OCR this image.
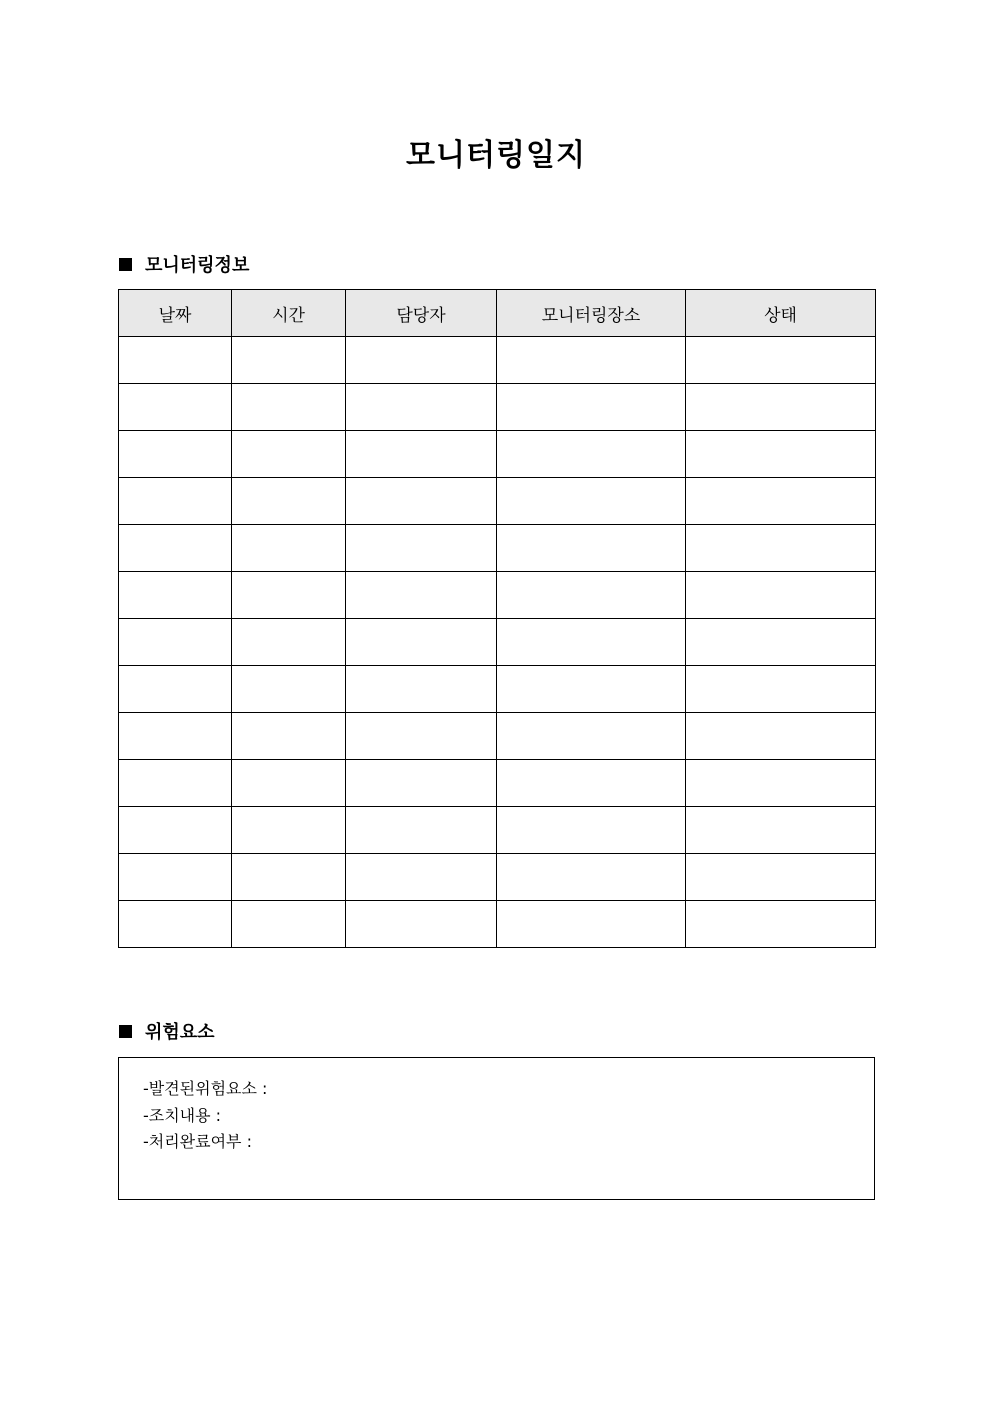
모니터링일지
모니터링정보
날짜	시간	담당자	모니터링장소	상태

위험요소
-발견된위험요소 :
-조치내용 :
-처리완료여부 :
